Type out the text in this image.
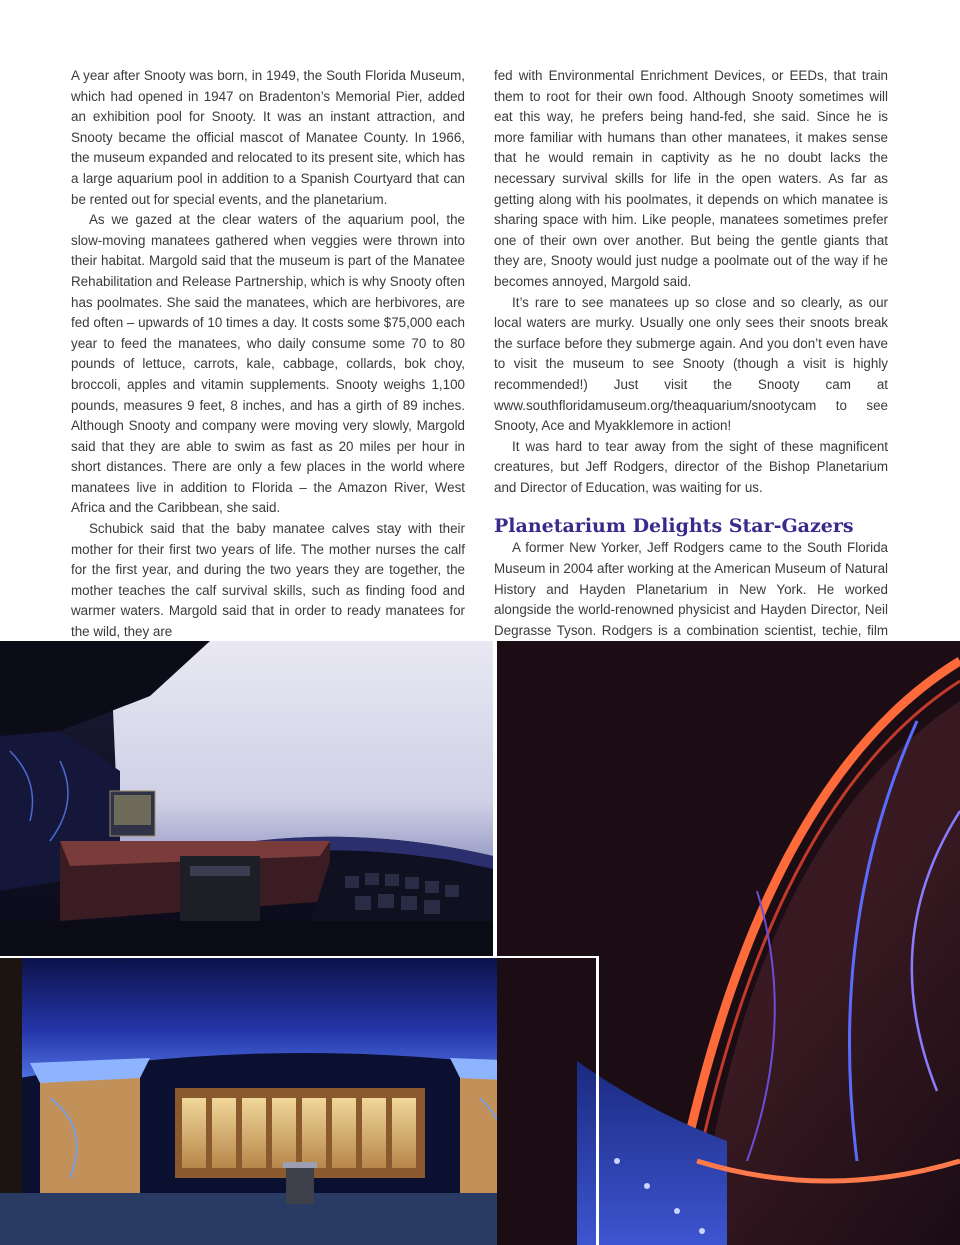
A year after Snooty was born, in 1949, the South Florida Museum, which had opened in 1947 on Bradenton’s Memorial Pier, added an exhibition pool for Snooty. It was an instant attraction, and Snooty became the official mascot of Manatee County. In 1966, the museum expanded and relocated to its present site, which has a large aquarium pool in addition to a Spanish Courtyard that can be rented out for special events, and the planetarium.

As we gazed at the clear waters of the aquarium pool, the slow-moving manatees gathered when veggies were thrown into their habitat. Margold said that the museum is part of the Manatee Rehabilitation and Release Partnership, which is why Snooty often has poolmates. She said the manatees, which are herbivores, are fed often – upwards of 10 times a day. It costs some $75,000 each year to feed the manatees, who daily consume some 70 to 80 pounds of lettuce, carrots, kale, cabbage, collards, bok choy, broccoli, apples and vitamin supplements. Snooty weighs 1,100 pounds, measures 9 feet, 8 inches, and has a girth of 89 inches. Although Snooty and company were moving very slowly, Margold said that they are able to swim as fast as 20 miles per hour in short distances. There are only a few places in the world where manatees live in addition to Florida – the Amazon River, West Africa and the Caribbean, she said.

Schubick said that the baby manatee calves stay with their mother for their first two years of life. The mother nurses the calf for the first year, and during the two years they are together, the mother teaches the calf survival skills, such as finding food and warmer waters. Margold said that in order to ready manatees for the wild, they are

fed with Environmental Enrichment Devices, or EEDs, that train them to root for their own food. Although Snooty sometimes will eat this way, he prefers being hand-fed, she said. Since he is more familiar with humans than other manatees, it makes sense that he would remain in captivity as he no doubt lacks the necessary survival skills for life in the open waters. As far as getting along with his poolmates, it depends on which manatee is sharing space with him. Like people, manatees sometimes prefer one of their own over another. But being the gentle giants that they are, Snooty would just nudge a poolmate out of the way if he becomes annoyed, Margold said.

It’s rare to see manatees up so close and so clearly, as our local waters are murky. Usually one only sees their snoots break the surface before they submerge again. And you don’t even have to visit the museum to see Snooty (though a visit is highly recommended!) Just visit the Snooty cam at www.southfloridamuseum.org/theaquarium/snootycam to see Snooty, Ace and Myakklemore in action!

It was hard to tear away from the sight of these magnificent creatures, but Jeff Rodgers, director of the Bishop Planetarium and Director of Education, was waiting for us.

Planetarium Delights Star-Gazers

A former New Yorker, Jeff Rodgers came to the South Florida Museum in 2004 after working at the American Museum of Natural History and Hayden Planetarium in New York. He worked alongside the world-renowned physicist and Hayden Director, Neil Degrasse Tyson. Rodgers is a combination scientist, techie, film
